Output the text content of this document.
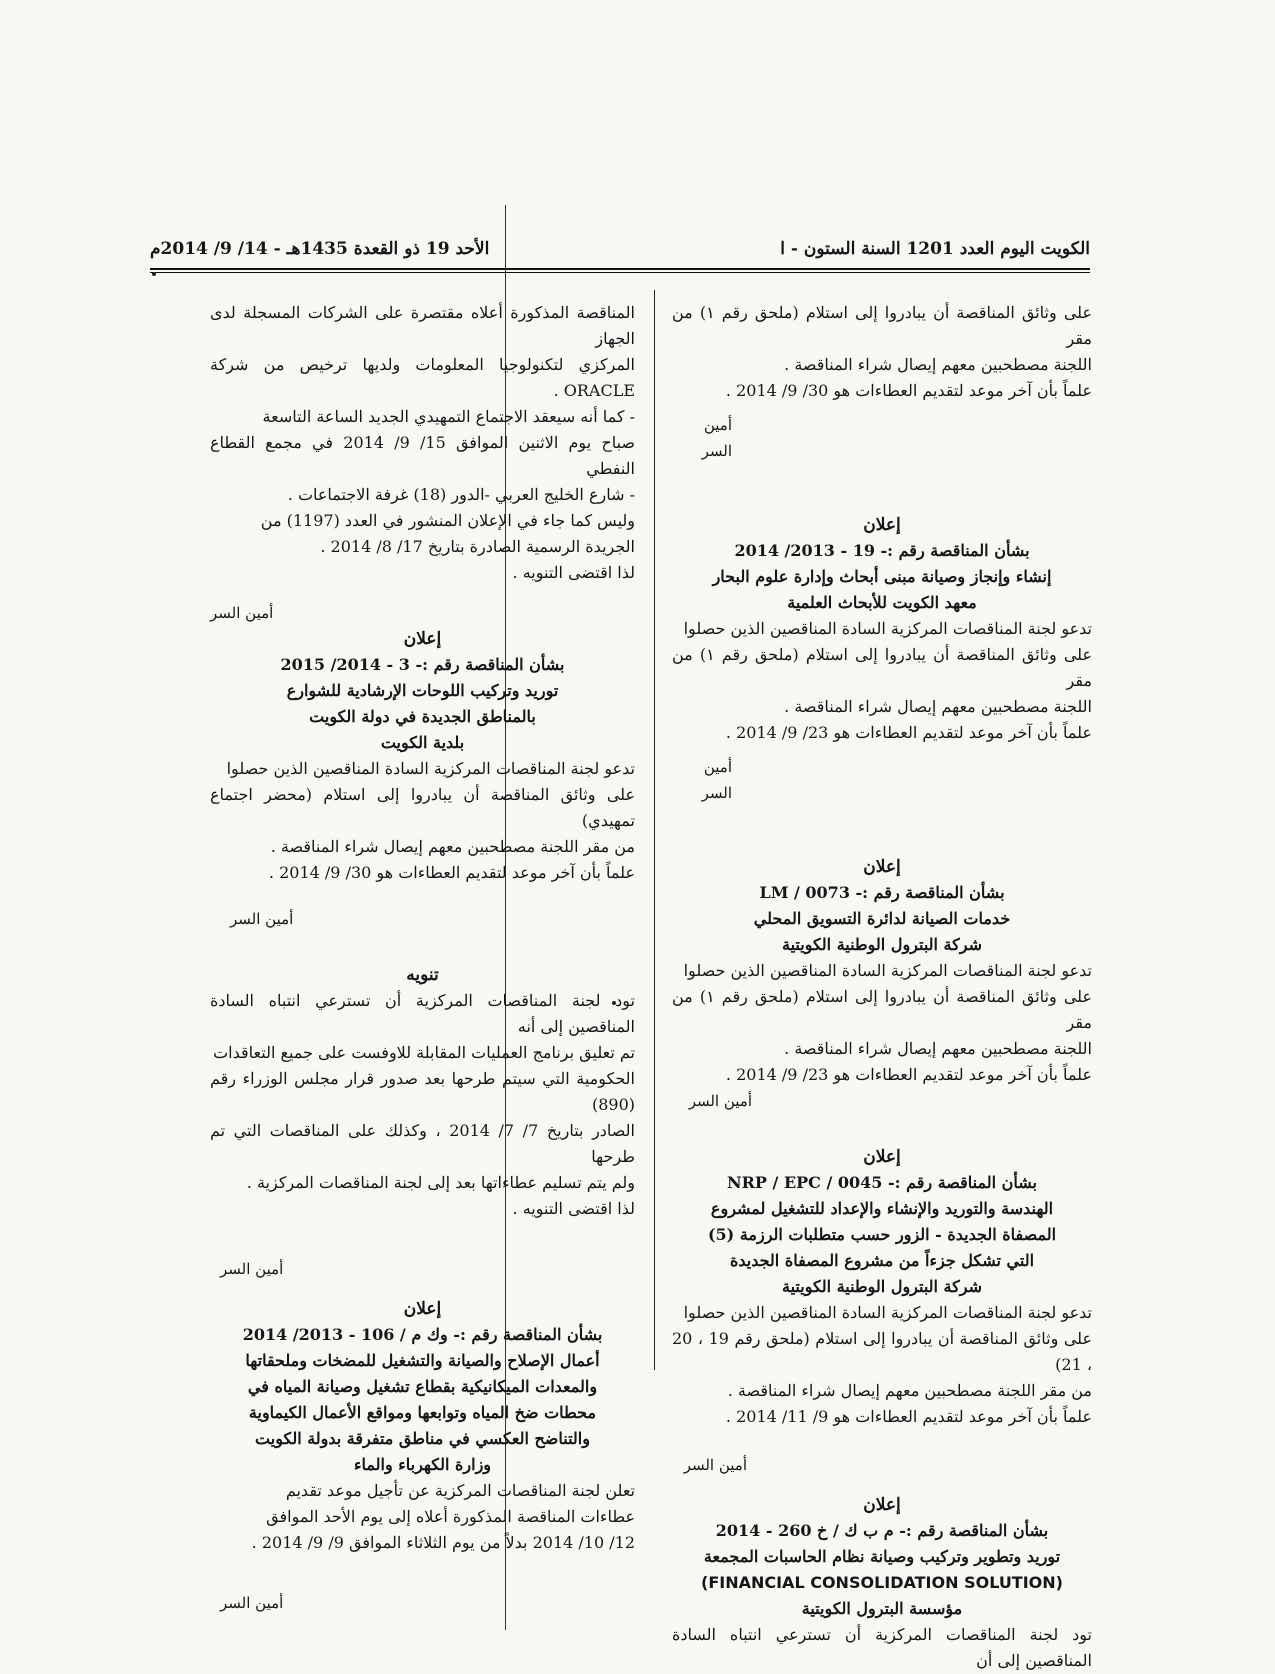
الأحد 19 ذو القعدة 1435هـ - 14/ 9/ 2014م	الكويت اليوم العدد 1201 السنة الستون - ا

على وثائق المناقصة أن يبادروا إلى استلام (ملحق رقم ١) من مقر

اللجنة مصطحبين معهم إيصال شراء المناقصة .

علماً بأن آخر موعد لتقديم العطاءات هو 30/ 9/ 2014 .

أمين السر

إعلان

بشأن المناقصة رقم :- 19 - 2013/ 2014

إنشاء وإنجاز وصيانة مبنى أبحاث وإدارة علوم البحار

معهد الكويت للأبحاث العلمية

تدعو لجنة المناقصات المركزية السادة المناقصين الذين حصلوا

على وثائق المناقصة أن يبادروا إلى استلام (ملحق رقم ١) من مقر

اللجنة مصطحبين معهم إيصال شراء المناقصة .

علماً بأن آخر موعد لتقديم العطاءات هو 23/ 9/ 2014 .

أمين السر

إعلان

بشأن المناقصة رقم :- LM / 0073

خدمات الصيانة لدائرة التسويق المحلي

شركة البترول الوطنية الكويتية

تدعو لجنة المناقصات المركزية السادة المناقصين الذين حصلوا

على وثائق المناقصة أن يبادروا إلى استلام (ملحق رقم ١) من مقر

اللجنة مصطحبين معهم إيصال شراء المناقصة .

علماً بأن آخر موعد لتقديم العطاءات هو 23/ 9/ 2014 .

أمين السر

إعلان

بشأن المناقصة رقم :- NRP / EPC / 0045

الهندسة والتوريد والإنشاء والإعداد للتشغيل لمشروع

المصفاة الجديدة - الزور حسب متطلبات الرزمة (5)

التي تشكل جزءاً من مشروع المصفاة الجديدة

شركة البترول الوطنية الكويتية

تدعو لجنة المناقصات المركزية السادة المناقصين الذين حصلوا

على وثائق المناقصة أن يبادروا إلى استلام (ملحق رقم 19 ، 20 ، 21)

من مقر اللجنة مصطحبين معهم إيصال شراء المناقصة .

علماً بأن آخر موعد لتقديم العطاءات هو 9/ 11/ 2014 .

أمين السر

إعلان

بشأن المناقصة رقم :- م ب ك / خ 260 - 2014

توريد وتطوير وتركيب وصيانة نظام الحاسبات المجمعة

(FINANCIAL CONSOLIDATION SOLUTION)

مؤسسة البترول الكويتية

تود لجنة المناقصات المركزية أن تسترعي انتباه السادة المناقصين إلى أن

المناقصة المذكورة أعلاه مقتصرة على الشركات المسجلة لدى الجهاز

المركزي لتكنولوجيا المعلومات ولديها ترخيص من شركة ORACLE .

- كما أنه سيعقد الاجتماع التمهيدي الجديد الساعة التاسعة

صباح يوم الاثنين الموافق 15/ 9/ 2014 في مجمع القطاع النفطي

- شارع الخليج العربي -الدور (18) غرفة الاجتماعات .

وليس كما جاء في الإعلان المنشور في العدد (1197) من

الجريدة الرسمية الصادرة بتاريخ 17/ 8/ 2014 .

لذا اقتضى التنويه .

أمين السر

إعلان

بشأن المناقصة رقم :- 3 - 2014/ 2015

توريد وتركيب اللوحات الإرشادية للشوارع

بالمناطق الجديدة في دولة الكويت

بلدية الكويت

تدعو لجنة المناقصات المركزية السادة المناقصين الذين حصلوا

على وثائق المناقصة أن يبادروا إلى استلام (محضر اجتماع تمهيدي)

من مقر اللجنة مصطحبين معهم إيصال شراء المناقصة .

علماً بأن آخر موعد لتقديم العطاءات هو 30/ 9/ 2014 .

أمين السر

تنويه

تود لجنة المناقصات المركزية أن تسترعي انتباه السادة المناقصين إلى أنه

تم تعليق برنامج العمليات المقابلة للاوفست على جميع التعاقدات

الحكومية التي سيتم طرحها بعد صدور قرار مجلس الوزراء رقم (890)

الصادر بتاريخ 7/ 7/ 2014 ، وكذلك على المناقصات التي تم طرحها

ولم يتم تسليم عطاءاتها بعد إلى لجنة المناقصات المركزية .

لذا اقتضى التنويه .

أمين السر

إعلان

بشأن المناقصة رقم :- وك م / 106 - 2013/ 2014

أعمال الإصلاح والصيانة والتشغيل للمضخات وملحقاتها

والمعدات الميكانيكية بقطاع تشغيل وصيانة المياه في

محطات ضخ المياه وتوابعها ومواقع الأعمال الكيماوية

والتناضح العكسي في مناطق متفرقة بدولة الكويت

وزارة الكهرباء والماء

تعلن لجنة المناقصات المركزية عن تأجيل موعد تقديم

عطاءات المناقصة المذكورة أعلاه إلى يوم الأحد الموافق

12/ 10/ 2014 بدلاً من يوم الثلاثاء الموافق 9/ 9/ 2014 .

أمين السر
